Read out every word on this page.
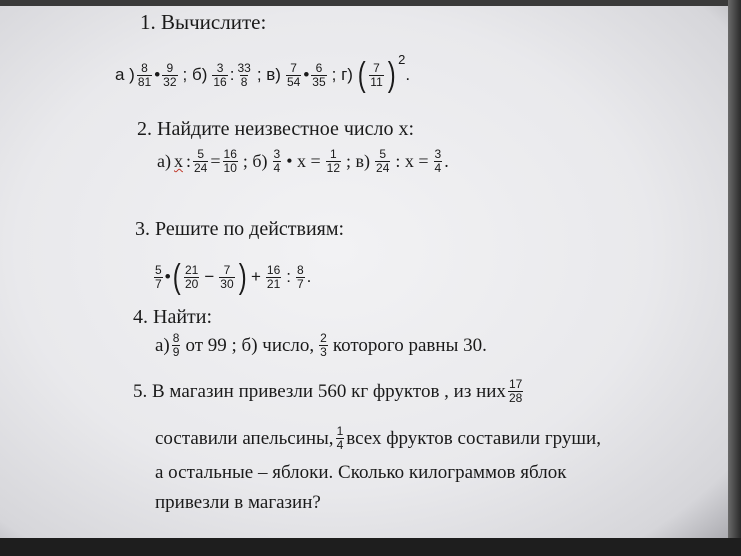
1. Вычислите:
а ) $\frac{8}{81}$ • $\frac{9}{32}$ ; $б) \frac{3}{16}$ : $\frac{33}{8}$ ; $в) \frac{7}{54}$ • $\frac{6}{35}$ ; г) ( $\frac{7}{11}$ ) 2
.
2. Найдите неизвестное число х:
а) х : $\frac{5}{24} = \frac{16}{10}$ ; $б) \frac{3}{4}$ • $х = \frac{1}{12}$ ; $в) \frac{5}{24}$ : $х = \frac{3}{4}$ .
3. Решите по действиям:
$\frac{5}{7}$ • ( $\frac{21}{20} - \frac{7}{30}$ ) + $\frac{16}{21}$ : $\frac{8}{7}$ .
4. Найти:
$а) \frac{8}{9}$ от 99 ; б) число, $\frac{2}{3}$ которого равны 30.
5. В магазин привезли 560 кг фруктов , из них $\frac{17}{28}$
составили апельсины, $\frac{1}{4}$ всех фруктов составили груши,
а остальные – яблоки. Сколько килограммов яблок
привезли в магазин?
